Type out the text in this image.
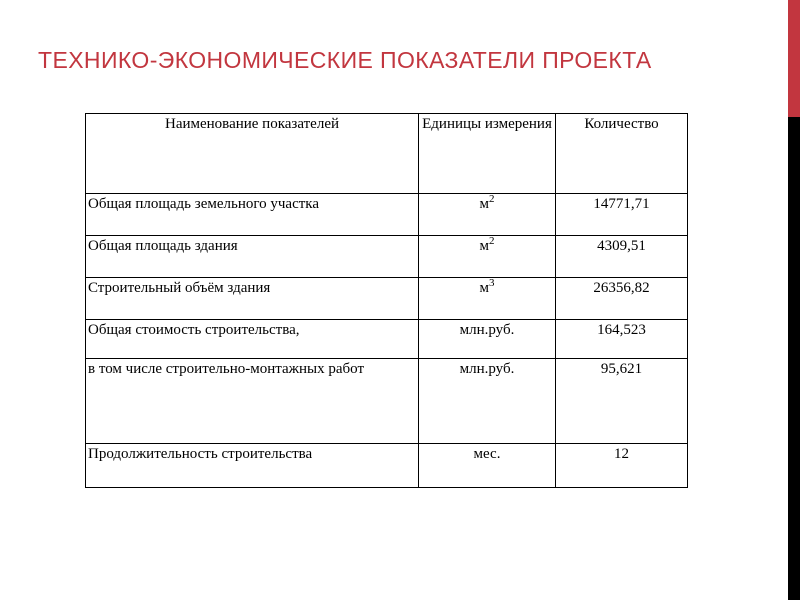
ТЕХНИКО-ЭКОНОМИЧЕСКИЕ ПОКАЗАТЕЛИ ПРОЕКТА
Наименование показателей	Единицы измерения	Количество
Общая площадь земельного участка	$м^2$	14771,71
Общая площадь здания	$м^2$	4309,51
Строительный объём здания	$м^3$	26356,82
Общая стоимость строительства,	млн.руб.	164,523
в том числе строительно-монтажных работ	млн.руб.	95,621
Продолжительность строительства	мес.	12
